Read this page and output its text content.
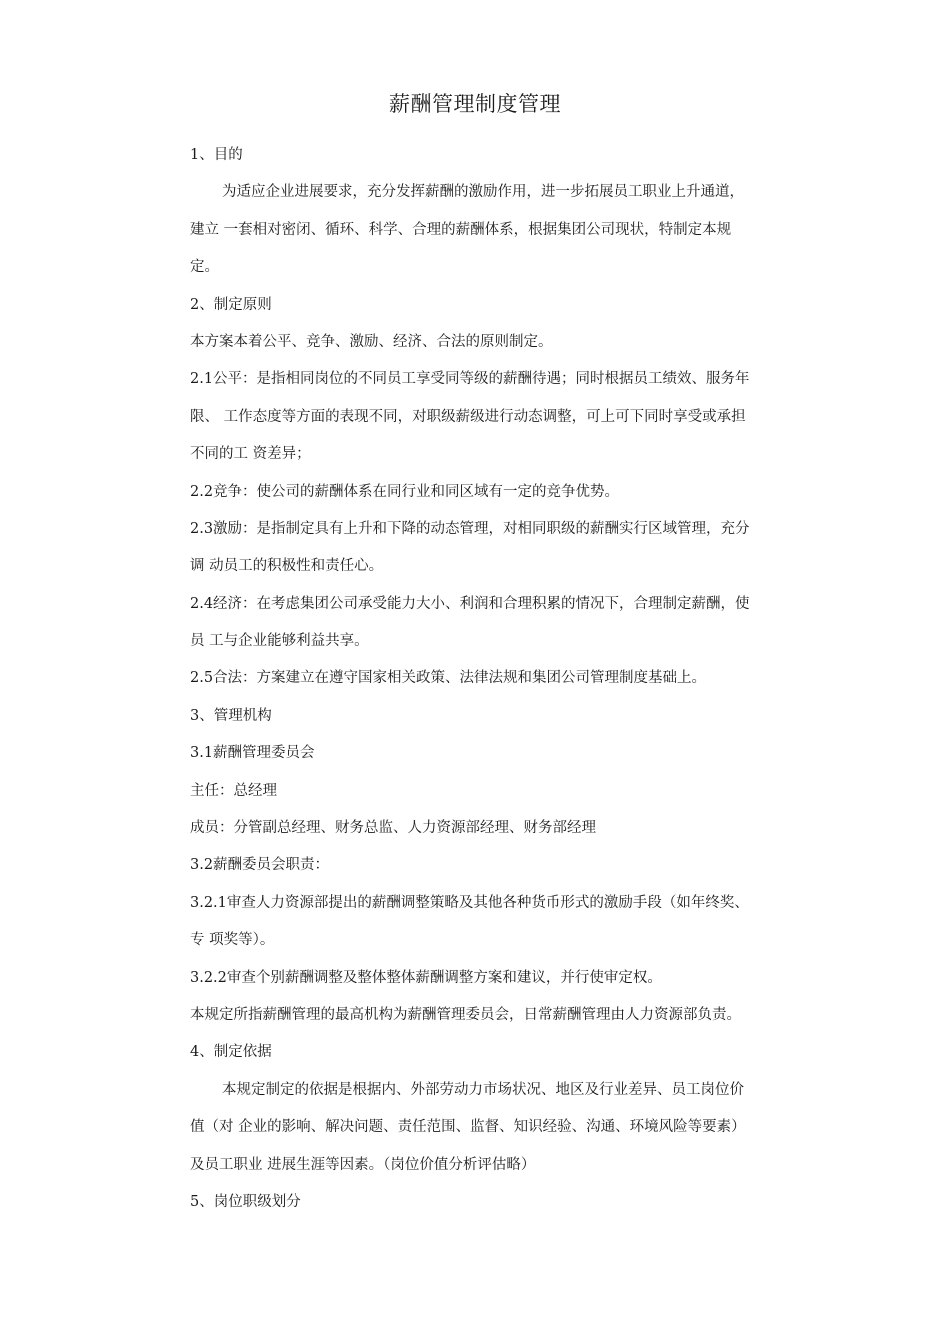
薪酬管理制度管理
1、目的
为适应企业进展要求，充分发挥薪酬的激励作用，进一步拓展员工职业上升通道，
建立 一套相对密闭、循环、科学、合理的薪酬体系，根据集团公司现状，特制定本规
定。
2、制定原则
本方案本着公平、竞争、激励、经济、合法的原则制定。
2.1公平：是指相同岗位的不同员工享受同等级的薪酬待遇；同时根据员工绩效、服务年
限、 工作态度等方面的表现不同，对职级薪级进行动态调整，可上可下同时享受或承担
不同的工 资差异；
2.2竞争：使公司的薪酬体系在同行业和同区域有一定的竞争优势。
2.3激励：是指制定具有上升和下降的动态管理，对相同职级的薪酬实行区域管理，充分
调 动员工的积极性和责任心。
2.4经济：在考虑集团公司承受能力大小、利润和合理积累的情况下，合理制定薪酬，使
员 工与企业能够利益共享。
2.5合法：方案建立在遵守国家相关政策、法律法规和集团公司管理制度基础上。
3、管理机构
3.1薪酬管理委员会
主任：总经理
成员：分管副总经理、财务总监、人力资源部经理、财务部经理
3.2薪酬委员会职责：
3.2.1审查人力资源部提出的薪酬调整策略及其他各种货币形式的激励手段（如年终奖、
专 项奖等）。
3.2.2审查个别薪酬调整及整体整体薪酬调整方案和建议，并行使审定权。
本规定所指薪酬管理的最高机构为薪酬管理委员会，日常薪酬管理由人力资源部负责。
4、制定依据
本规定制定的依据是根据内、外部劳动力市场状况、地区及行业差异、员工岗位价
值（对 企业的影响、解决问题、责任范围、监督、知识经验、沟通、环境风险等要素）
及员工职业 进展生涯等因素。（岗位价值分析评估略）
5、岗位职级划分
